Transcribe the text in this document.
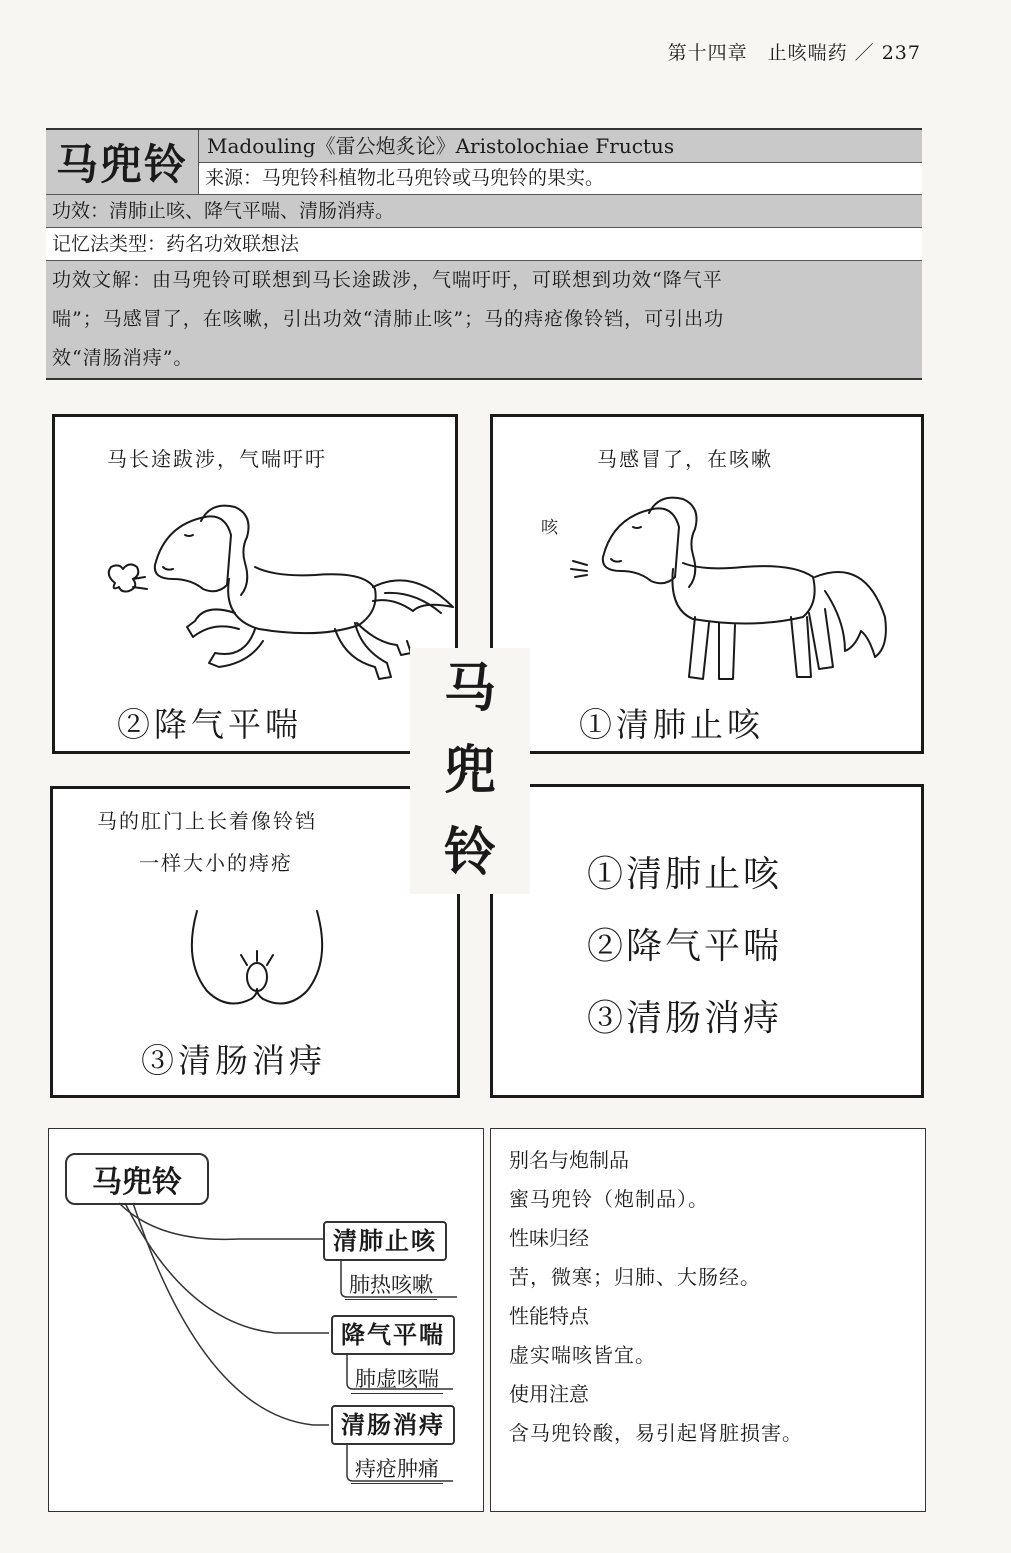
第十四章　止咳喘药 ／ 237
马兜铃 Madouling《雷公炮炙论》Aristolochiae Fructus
来源：马兜铃科植物北马兜铃或马兜铃的果实。
功效：清肺止咳、降气平喘、清肠消痔。
记忆法类型：药名功效联想法
功效文解：由马兜铃可联想到马长途跋涉，气喘吁吁，可联想到功效“降气平
喘”；马感冒了，在咳嗽，引出功效“清肺止咳”；马的痔疮像铃铛，可引出功
效“清肠消痔”。
马长途跋涉，气喘吁吁
②降气平喘
马感冒了，在咳嗽
咳
①清肺止咳
马的肛门上长着像铃铛
一样大小的痔疮
③清肠消痔
①清肺止咳
②降气平喘
③清肠消痔
马
兜
铃
马兜铃
清肺止咳
肺热咳嗽
降气平喘
肺虚咳喘
清肠消痔
痔疮肿痛

别名与炮制品

蜜马兜铃（炮制品）。

性味归经

苦，微寒；归肺、大肠经。

性能特点

虚实喘咳皆宜。

使用注意

含马兜铃酸，易引起肾脏损害。
